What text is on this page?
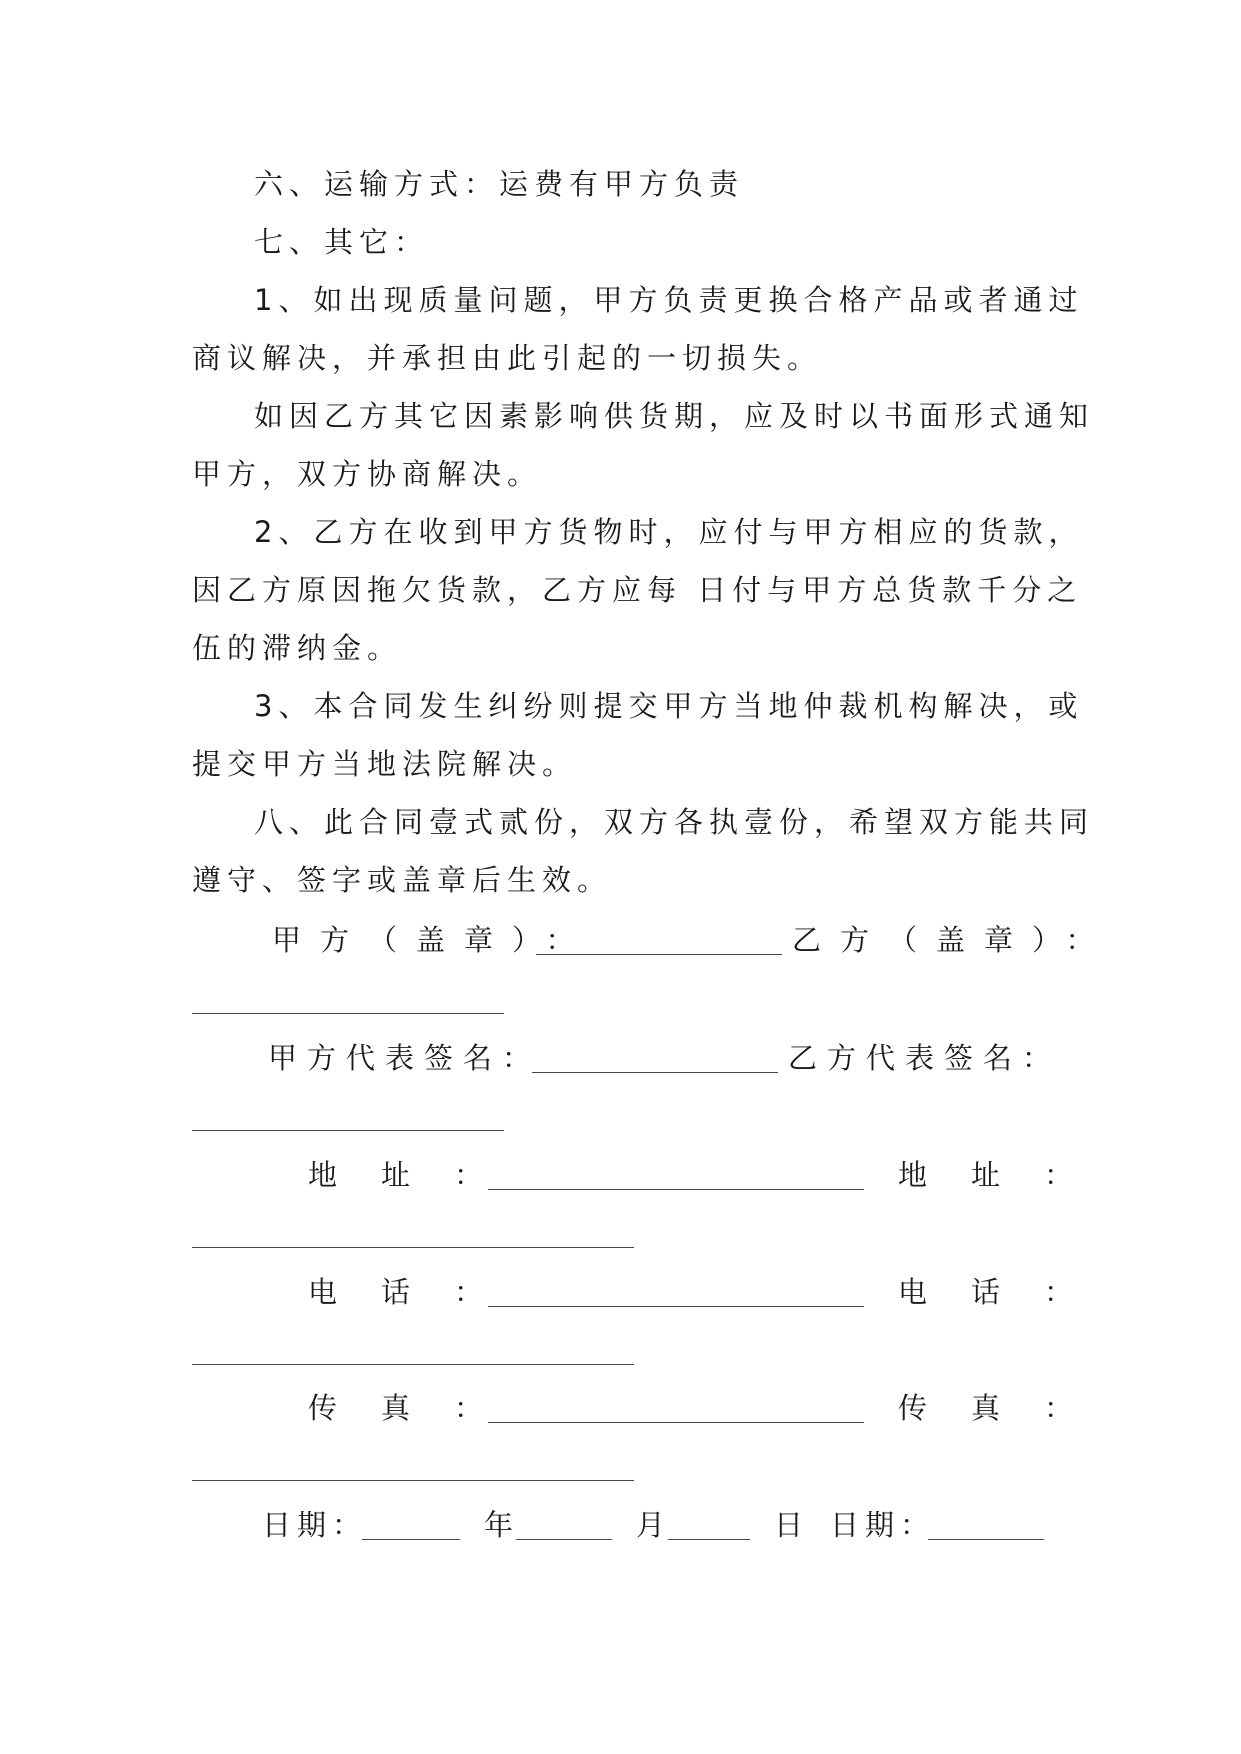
六、运输方式：运费有甲方负责
七、其它：
1、如出现质量问题，甲方负责更换合格产品或者通过
商议解决，并承担由此引起的一切损失。
如因乙方其它因素影响供货期，应及时以书面形式通知
甲方，双方协商解决。
2、乙方在收到甲方货物时，应付与甲方相应的货款，
因乙方原因拖欠货款，乙方应每 日付与甲方总货款千分之
伍的滞纳金。
3、本合同发生纠纷则提交甲方当地仲裁机构解决，或
提交甲方当地法院解决。
八、此合同壹式贰份，双方各执壹份，希望双方能共同
遵守、签字或盖章后生效。
甲方（盖章）：	乙方（盖章）：
甲方代表签名：	乙方代表签名：
地址：	地址：
电话：	电话：
传真：	传真：
日期：	年	月	日 日期：
